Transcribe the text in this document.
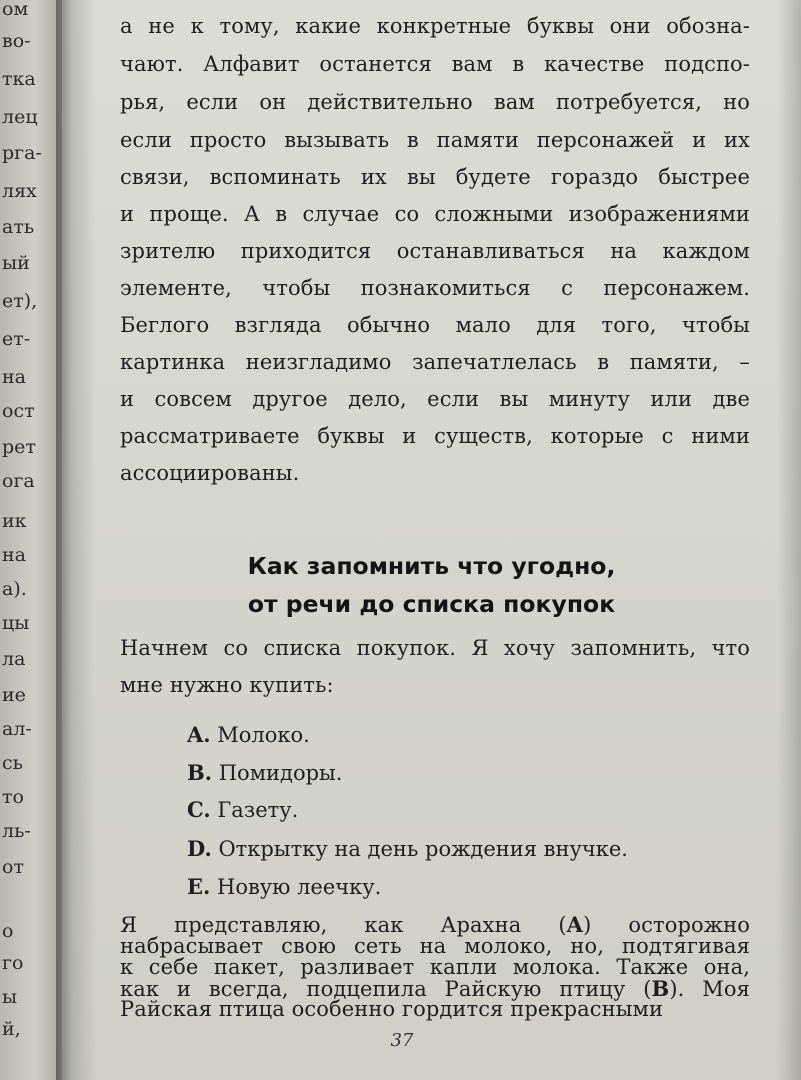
ом
во-
тка
лец
рга-
лях
ать
ый
ет),
ет-
на
ост
рет
ога
ик
на
а).
цы
ла
ие
ал-
сь
то
ль-
от
о
го
ы
й,
а не к тому, какие конкретные буквы они обозна-
чают. Алфавит останется вам в качестве подспо-
рья, если он действительно вам потребуется, но
если просто вызывать в памяти персонажей и их
связи, вспоминать их вы будете гораздо быстрее
и проще. А в случае со сложными изображениями
зрителю приходится останавливаться на каждом
элементе, чтобы познакомиться с персонажем.
Беглого взгляда обычно мало для того, чтобы
картинка неизгладимо запечатлелась в памяти, –
и совсем другое дело, если вы минуту или две
рассматриваете буквы и существ, которые с ними
ассоциированы.
Как запомнить что угодно,
от речи до списка покупок
Начнем со списка покупок. Я хочу запомнить, что
мне нужно купить:
A. Молоко.
B. Помидоры.
C. Газету.
D. Открытку на день рождения внучке.
E. Новую леечку.
Я представляю, как Арахна (A) осторожно
набрасывает свою сеть на молоко, но, подтягивая
к себе пакет, разливает капли молока. Также она,
как и всегда, подцепила Райскую птицу (B). Моя
Райская птица особенно гордится прекрасными
37
